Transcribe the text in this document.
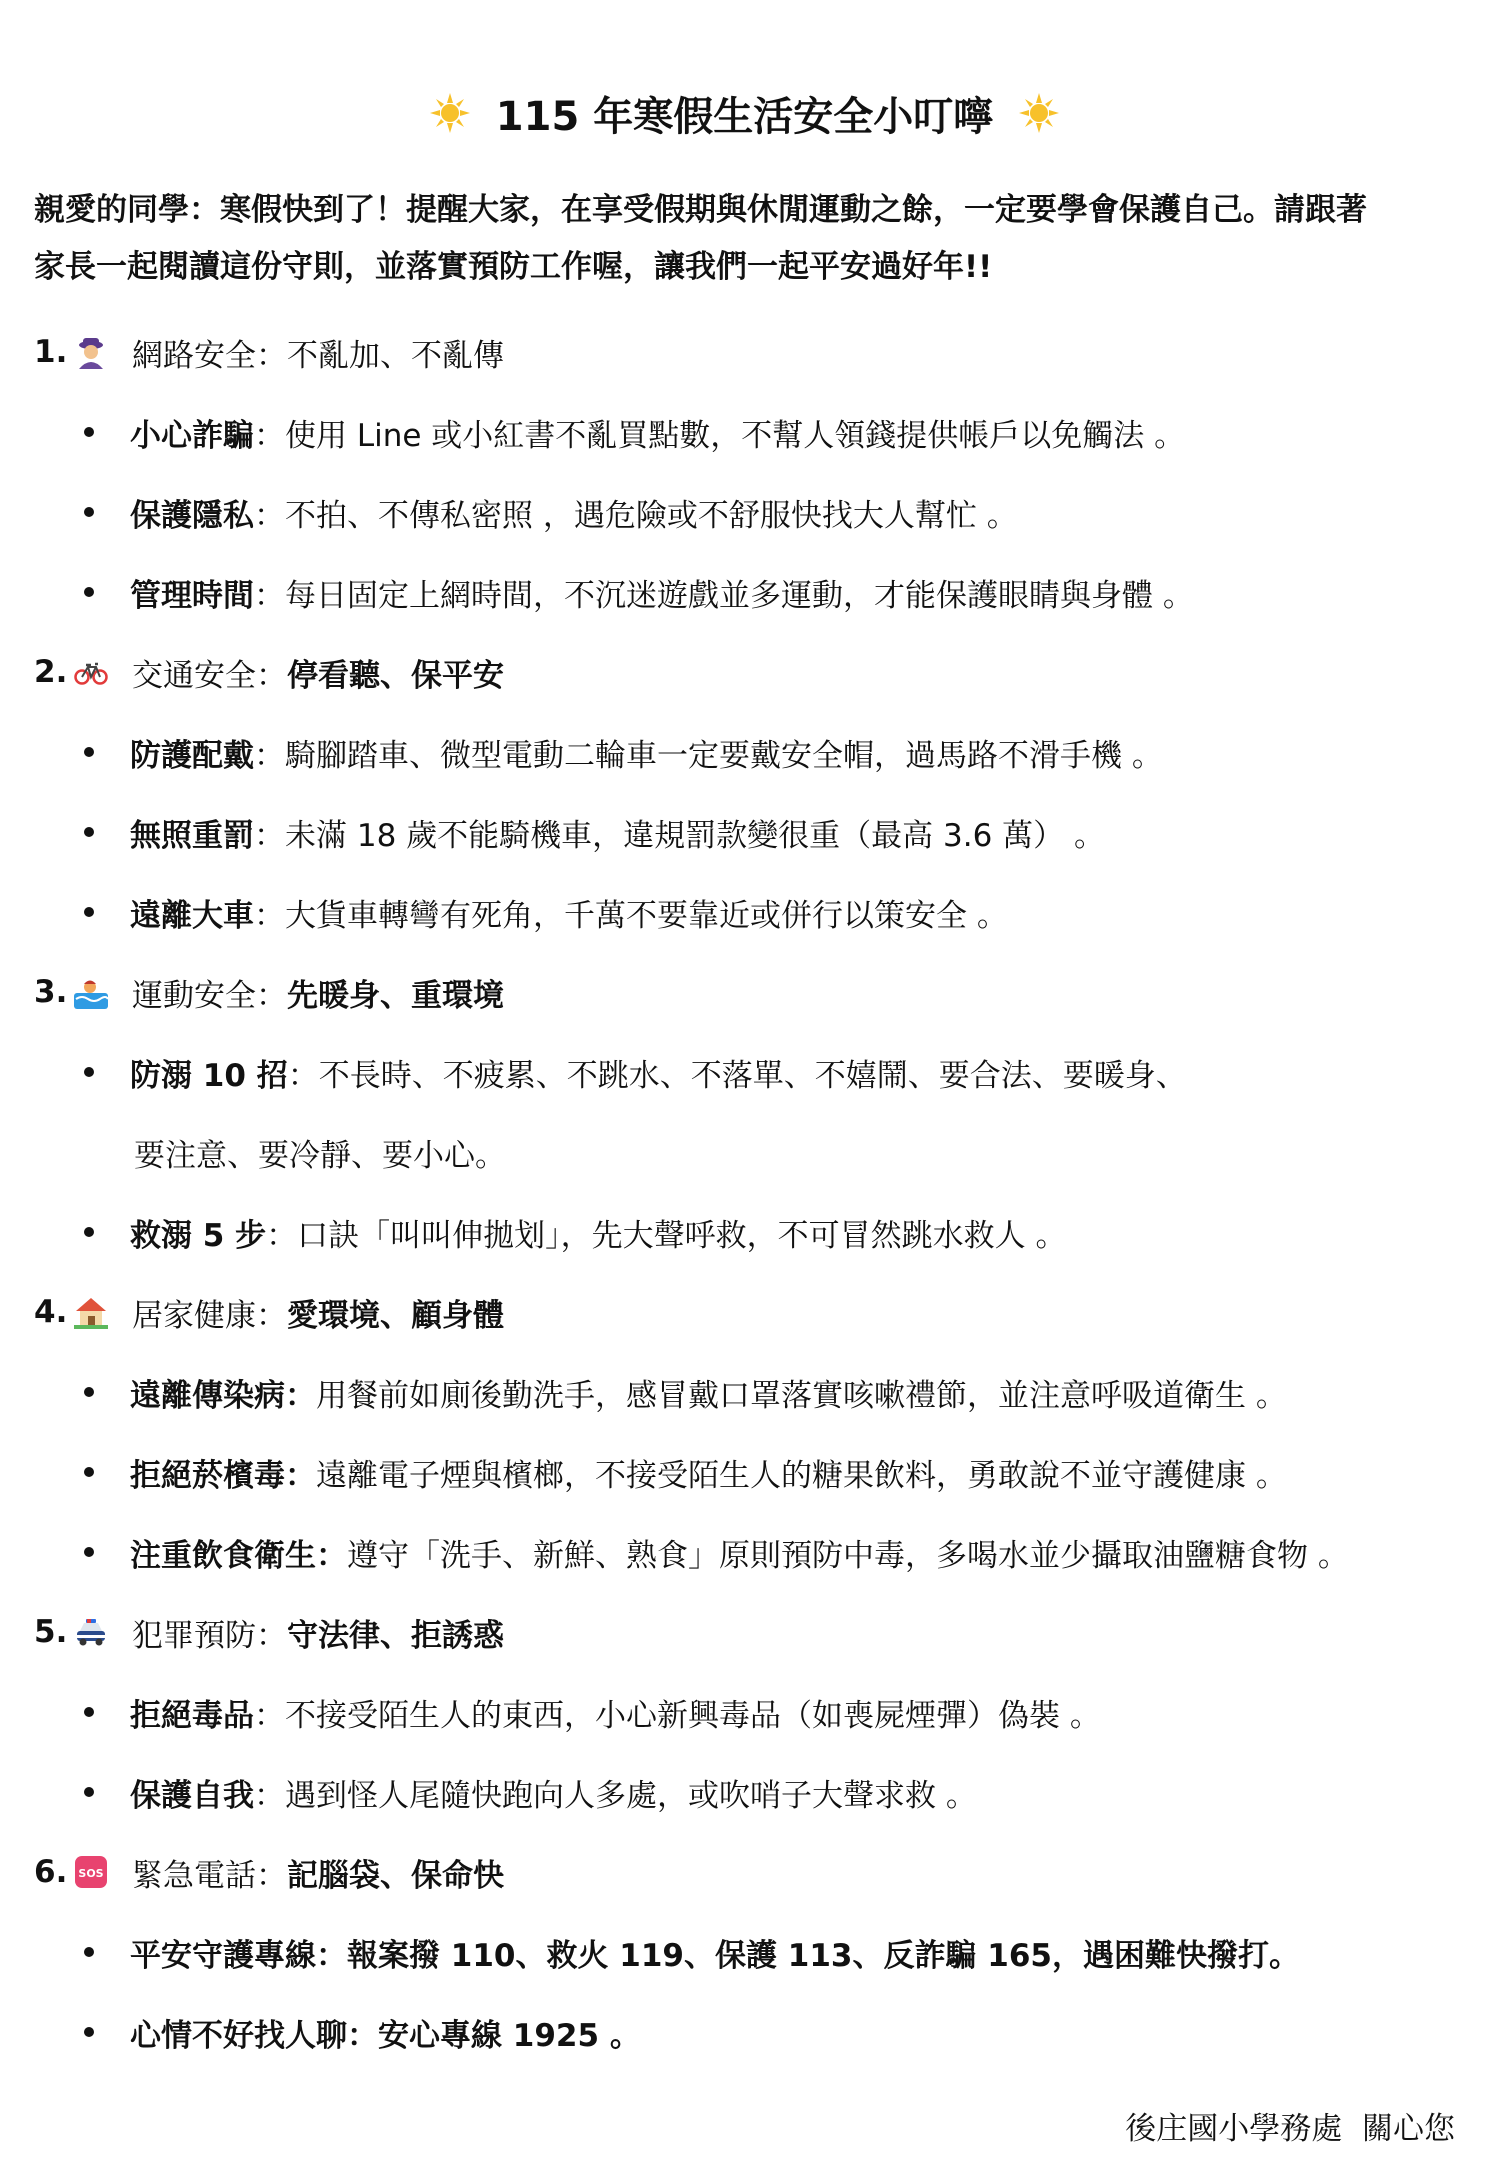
115 年寒假生活安全小叮嚀

親愛的同學：寒假快到了！提醒大家，在享受假期與休閒運動之餘，一定要學會保護自己。請跟著

家長一起閱讀這份守則，並落實預防工作喔，讓我們一起平安過好年!!

1. 網路安全：不亂加、不亂傳
小心詐騙 ：使用 Line 或小紅書不亂買點數，不幫人領錢提供帳戶以免觸法 。
保護隱私 ：不拍、不傳私密照 ，遇危險或不舒服快找大人幫忙 。
管理時間 ：每日固定上網時間，不沉迷遊戲並多運動，才能保護眼睛與身體 。
2. 交通安全：停看聽、保平安
防護配戴 ：騎腳踏車、微型電動二輪車一定要戴安全帽，過馬路不滑手機 。
無照重罰 ：未滿 18 歲不能騎機車，違規罰款變很重（最高 3.6 萬） 。
遠離大車 ：大貨車轉彎有死角，千萬不要靠近或併行以策安全 。
3. 運動安全：先暖身、重環境
防溺 10 招 ：不長時、不疲累、不跳水、不落單、不嬉鬧、要合法、要暖身、
要注意、要冷靜、要小心。
救溺 5 步 ：口訣「叫叫伸拋划」，先大聲呼救，不可冒然跳水救人 。
4. 居家健康：愛環境、顧身體
遠離傳染病： 用餐前如廁後勤洗手，感冒戴口罩落實咳嗽禮節，並注意呼吸道衛生 。
拒絕菸檳毒： 遠離電子煙與檳榔，不接受陌生人的糖果飲料，勇敢說不並守護健康 。
注重飲食衛生： 遵守「洗手、新鮮、熟食」原則預防中毒，多喝水並少攝取油鹽糖食物 。
5. 犯罪預防：守法律、拒誘惑
拒絕毒品 ：不接受陌生人的東西，小心新興毒品（如喪屍煙彈）偽裝 。
保護自我 ：遇到怪人尾隨快跑向人多處，或吹哨子大聲求救 。
6. SOS 緊急電話：記腦袋、保命快
平安守護專線 ：報案撥 110、救火 119、保護 113、反詐騙 165，遇困難快撥打。
心情不好找人聊 ：安心專線 1925 。
後庄國小學務處  關心您
